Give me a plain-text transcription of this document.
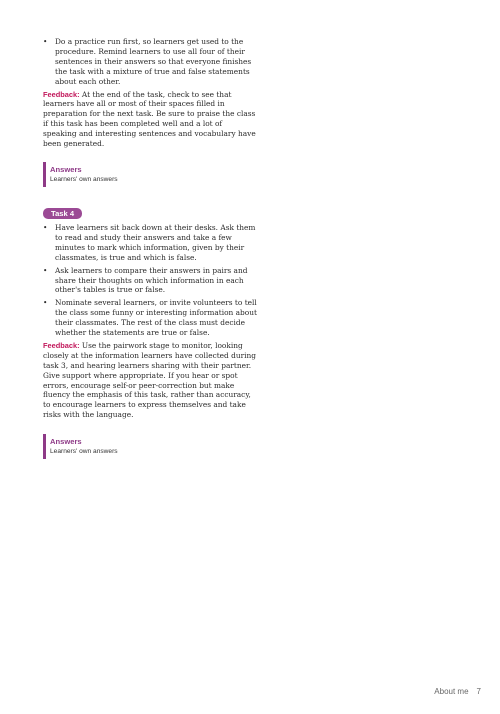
• Do a practice run first, so learners get used to the procedure. Remind learners to use all four of their sentences in their answers so that everyone finishes the task with a mixture of true and false statements about each other.

Feedback: At the end of the task, check to see that learners have all or most of their spaces filled in preparation for the next task. Be sure to praise the class if this task has been completed well and a lot of speaking and interesting sentences and vocabulary have been generated.

Answers
Learners' own answers
Task 4
• Have learners sit back down at their desks. Ask them to read and study their answers and take a few minutes to mark which information, given by their classmates, is true and which is false.
• Ask learners to compare their answers in pairs and share their thoughts on which information in each other's tables is true or false.
• Nominate several learners, or invite volunteers to tell the class some funny or interesting information about their classmates. The rest of the class must decide whether the statements are true or false.

Feedback: Use the pairwork stage to monitor, looking closely at the information learners have collected during task 3, and hearing learners sharing with their partner. Give support where appropriate. If you hear or spot errors, encourage self-or peer-correction but make fluency the emphasis of this task, rather than accuracy, to encourage learners to express themselves and take risks with the language.

Answers
Learners' own answers
About me 7
